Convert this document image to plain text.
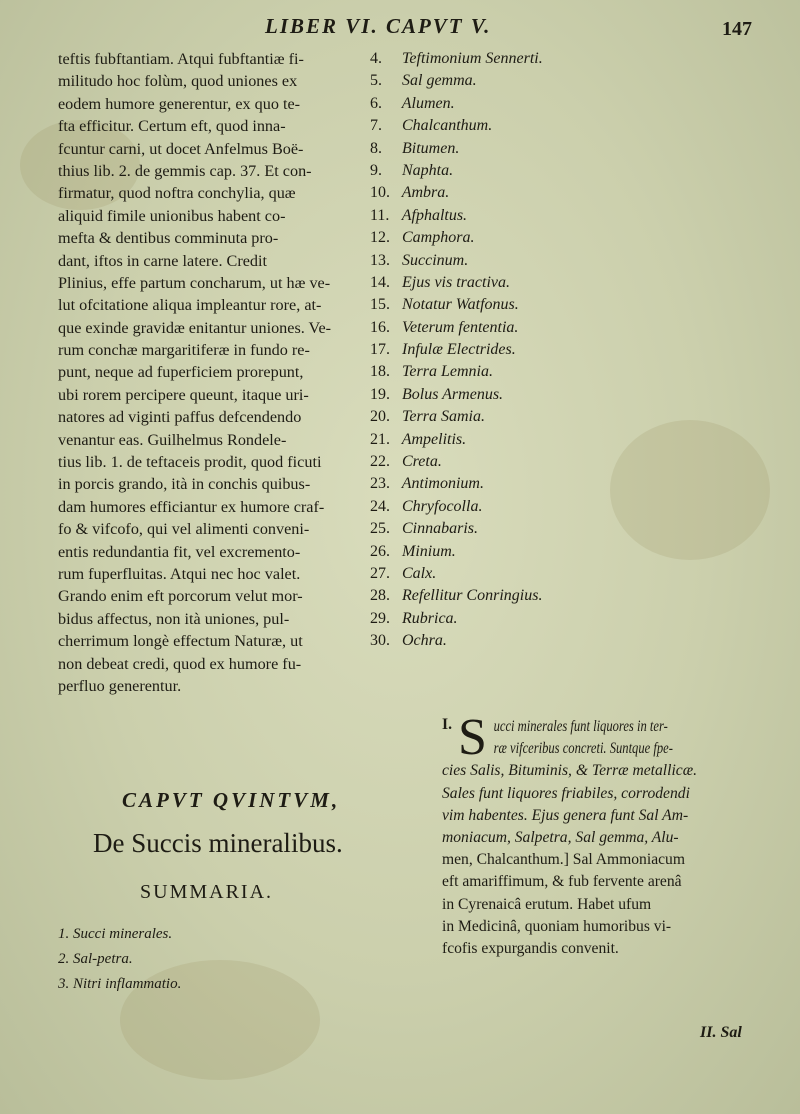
LIBER VI. CAPVT V.	147
teftis fubftantiam. Atqui fubftantiæ fi-
militudo hoc folùm, quod uniones ex
eodem humore generentur, ex quo te-
fta efficitur. Certum eft, quod inna-
fcuntur carni, ut docet Anfelmus Boë-
thius lib. 2. de gemmis cap. 37. Et con-
firmatur, quod noftra conchylia, quæ
aliquid fimile unionibus habent co-
mefta & dentibus comminuta pro-
dant, iftos in carne latere. Credit
Plinius, effe partum concharum, ut hæ ve-
lut ofcitatione aliqua impleantur rore, at-
que exinde gravidæ enitantur uniones. Ve-
rum conchæ margaritiferæ in fundo re-
punt, neque ad fuperficiem prorepunt,
ubi rorem percipere queunt, itaque uri-
natores ad viginti paffus defcendendo
venantur eas. Guilhelmus Rondele-
tius lib. 1. de teftaceis prodit, quod ficuti
in porcis grando, ità in conchis quibus-
dam humores efficiantur ex humore craf-
fo & vifcofo, qui vel alimenti conveni-
entis redundantia fit, vel excremento-
rum fuperfluitas. Atqui nec hoc valet.
Grando enim eft porcorum velut mor-
bidus affectus, non ità uniones, pul-
cherrimum longè effectum Naturæ, ut
non debeat credi, quod ex humore fu-
perfluo generentur.
CAPVT QVINTVM,
De Succis mineralibus.
SUMMARIA.
1. Succi minerales.
2. Sal-petra.
3. Nitri inflammatio.
4. Teftimonium Sennerti.
5. Sal gemma.
6. Alumen.
7. Chalcanthum.
8. Bitumen.
9. Naphta.
10. Ambra.
11. Afphaltus.
12. Camphora.
13. Succinum.
14. Ejus vis tractiva.
15. Notatur Watfonus.
16. Veterum fententia.
17. Infulæ Electrides.
18. Terra Lemnia.
19. Bolus Armenus.
20. Terra Samia.
21. Ampelitis.
22. Creta.
23. Antimonium.
24. Chryfocolla.
25. Cinnabaris.
26. Minium.
27. Calx.
28. Refellitur Conringius.
29. Rubrica.
30. Ochra.
I. S ucci minerales funt liquores in ter-
ræ vifceribus concreti. Suntque fpe-
cies Salis, Bituminis, & Terræ metallicæ.
Sales funt liquores friabiles, corrodendi
vim habentes. Ejus genera funt Sal Am-
moniacum, Salpetra, Sal gemma, Alu-
men, Chalcanthum.] Sal Ammoniacum
eft amariffimum, & fub fervente arenâ
in Cyrenaicâ erutum. Habet ufum
in Medicinâ, quoniam humoribus vi-
fcofis expurgandis convenit.
II. Sal
